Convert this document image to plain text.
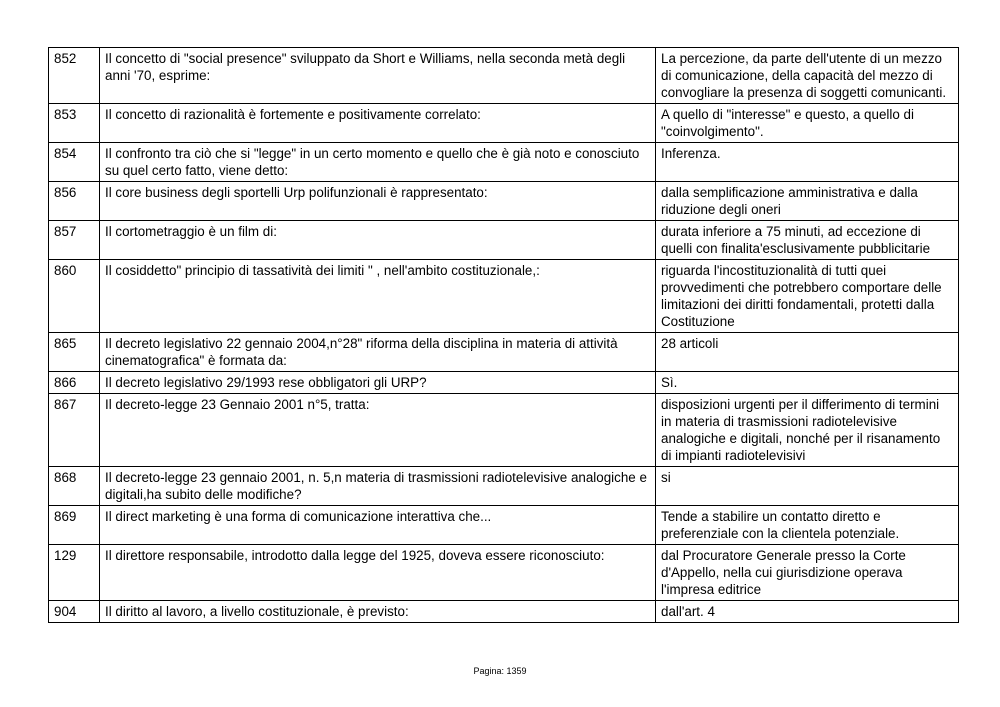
852	Il concetto di "social presence" sviluppato da Short e Williams, nella seconda metà degli anni '70, esprime:	La percezione, da parte dell'utente di un mezzo di comunicazione, della capacità del mezzo di convogliare la presenza di soggetti comunicanti.
853	Il concetto di razionalità è fortemente e positivamente correlato:	A quello di "interesse" e questo, a quello di "coinvolgimento".
854	Il confronto tra ciò che si "legge" in un certo momento e quello che è già noto e conosciuto su quel certo fatto, viene detto:	Inferenza.
856	Il core business degli sportelli Urp polifunzionali è rappresentato:	dalla semplificazione amministrativa e dalla riduzione degli oneri
857	Il cortometraggio è un film di:	durata inferiore a 75 minuti, ad eccezione di quelli con finalita'esclusivamente pubblicitarie
860	Il cosiddetto" principio di tassatività dei limiti " , nell'ambito costituzionale,:	riguarda l'incostituzionalità di tutti quei provvedimenti che potrebbero comportare delle limitazioni dei diritti fondamentali, protetti dalla Costituzione
865	Il decreto legislativo 22 gennaio 2004,n°28" riforma della disciplina in materia di attività cinematografica" è formata da:	28 articoli
866	Il decreto legislativo 29/1993 rese obbligatori gli URP?	Sì.
867	Il decreto-legge 23 Gennaio 2001 n°5, tratta:	disposizioni urgenti per il differimento di termini in materia di trasmissioni radiotelevisive analogiche e digitali, nonché per il risanamento di impianti radiotelevisivi
868	Il decreto-legge 23 gennaio 2001, n. 5,n materia di trasmissioni radiotelevisive analogiche e digitali,ha subito delle modifiche?	si
869	Il direct marketing è una forma di comunicazione interattiva che...	Tende a stabilire un contatto diretto e preferenziale con la clientela potenziale.
129	Il direttore responsabile, introdotto dalla legge del 1925, doveva essere riconosciuto:	dal Procuratore Generale presso la Corte d'Appello, nella cui giurisdizione operava l'impresa editrice
904	Il diritto al lavoro, a livello costituzionale, è previsto:	dall'art. 4
Pagina: 1359
